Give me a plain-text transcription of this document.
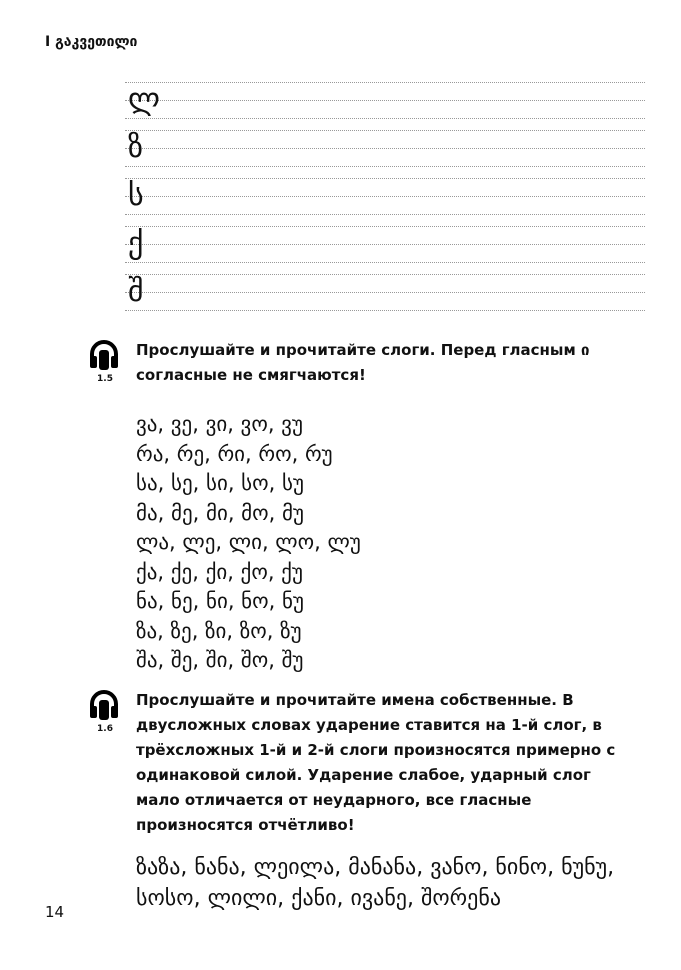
I გაკვეთილი
ლ
ზ
ს
ქ
შ
1.5
Прослушайте и прочитайте слоги. Перед гласным ი согласные не смягчаются!
ვა, ვე, ვი, ვო, ვუ
რა, რე, რი, რო, რუ
სა, სე, სი, სო, სუ
მა, მე, მი, მო, მუ
ლა, ლე, ლი, ლო, ლუ
ქა, ქე, ქი, ქო, ქუ
ნა, ნე, ნი, ნო, ნუ
ზა, ზე, ზი, ზო, ზუ
შა, შე, ში, შო, შუ
1.6
Прослушайте и прочитайте имена собственные. В двусложных словах ударение ставится на 1-й слог, в трёхсложных 1-й и 2-й слоги произносятся примерно с одинаковой силой. Ударение слабое, ударный слог мало отличается от неударного, все гласные произносятся отчётливо!
ზაზა, ნანა, ლეილა, მანანა, ვანო, ნინო, ნუნუ,
სოსო, ლილი, ქანი, ივანე, შორენა
14
